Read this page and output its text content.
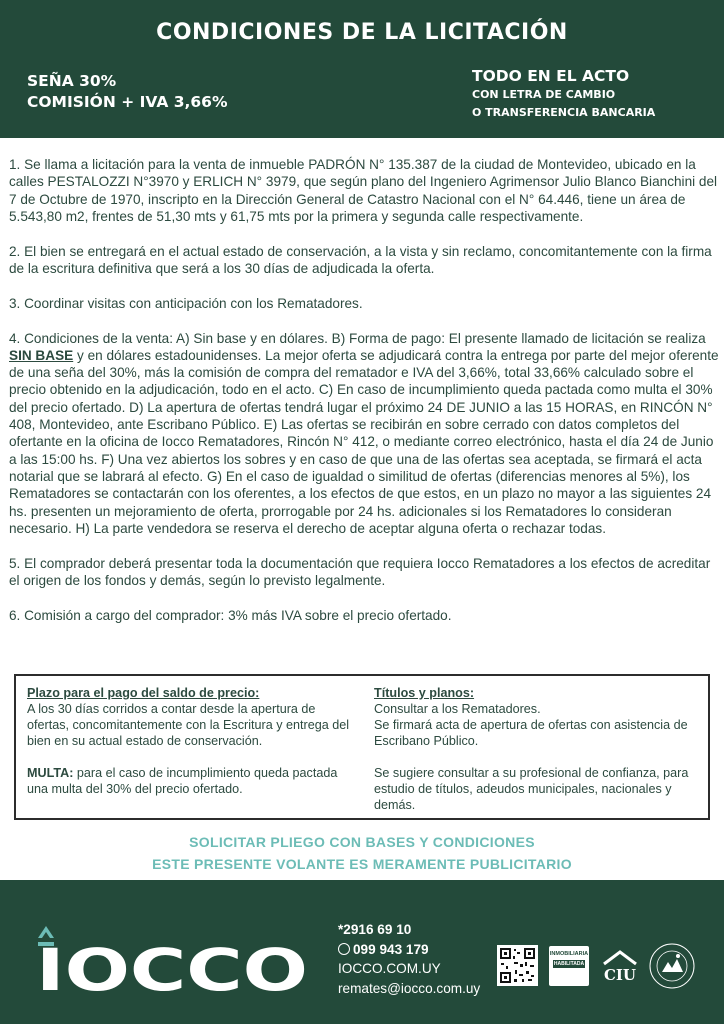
CONDICIONES DE LA LICITACIÓN
SEÑA 30%
COMISIÓN + IVA 3,66%
TODO EN EL ACTO
CON LETRA DE CAMBIO
O TRANSFERENCIA BANCARIA

1. Se llama a licitación para la venta de inmueble PADRÓN N° 135.387 de la ciudad de Montevideo, ubicado en la calles PESTALOZZI N°3970 y ERLICH N° 3979, que según plano del Ingeniero Agrimensor Julio Blanco Bianchini del 7 de Octubre de 1970, inscripto en la Dirección General de Catastro Nacional con el N° 64.446, tiene un área de 5.543,80 m2, frentes de 51,30 mts y 61,75 mts por la primera y segunda calle respectivamente.

2. El bien se entregará en el actual estado de conservación, a la vista y sin reclamo, concomitantemente con la firma de la escritura definitiva que será a los 30 días de adjudicada la oferta.

3. Coordinar visitas con anticipación con los Rematadores.

4. Condiciones de la venta: A) Sin base y en dólares. B) Forma de pago: El presente llamado de licitación se realiza SIN BASE y en dólares estadounidenses. La mejor oferta se adjudicará contra la entrega por parte del mejor oferente de una seña del 30%, más la comisión de compra del rematador e IVA del 3,66%, total 33,66% calculado sobre el precio obtenido en la adjudicación, todo en el acto. C) En caso de incumplimiento queda pactada como multa el 30% del precio ofertado. D) La apertura de ofertas tendrá lugar el próximo 24 DE JUNIO a las 15 HORAS, en RINCÓN N° 408, Montevideo, ante Escribano Público. E) Las ofertas se recibirán en sobre cerrado con datos completos del ofertante en la oficina de Iocco Rematadores, Rincón N° 412, o mediante correo electrónico, hasta el día 24 de Junio a las 15:00 hs. F) Una vez abiertos los sobres y en caso de que una de las ofertas sea aceptada, se firmará el acta notarial que se labrará al efecto. G) En el caso de igualdad o similitud de ofertas (diferencias menores al 5%), los Rematadores se contactarán con los oferentes, a los efectos de que estos, en un plazo no mayor a las siguientes 24 hs. presenten un mejoramiento de oferta, prorrogable por 24 hs. adicionales si los Rematadores lo consideran necesario. H) La parte vendedora se reserva el derecho de aceptar alguna oferta o rechazar todas.

5. El comprador deberá presentar toda la documentación que requiera Iocco Rematadores a los efectos de acreditar el origen de los fondos y demás, según lo previsto legalmente.

6. Comisión a cargo del comprador: 3% más IVA sobre el precio ofertado.

Plazo para el pago del saldo de precio:
A los 30 días corridos a contar desde la apertura de ofertas, concomitantemente con la Escritura y entrega del bien en su actual estado de conservación.
MULTA: para el caso de incumplimiento queda pactada una multa del 30% del precio ofertado.
Títulos y planos:
Consultar a los Rematadores.
Se firmará acta de apertura de ofertas con asistencia de Escribano Público.
Se sugiere consultar a su profesional de confianza, para estudio de títulos, adeudos municipales, nacionales y demás.
SOLICITAR PLIEGO CON BASES Y CONDICIONES
ESTE PRESENTE VOLANTE ES MERAMENTE PUBLICITARIO
IOCCO
*2916 69 10
099 943 179
IOCCO.COM.UY
remates@iocco.com.uy
INMOBILIARIA
HABILITADA
CIU
